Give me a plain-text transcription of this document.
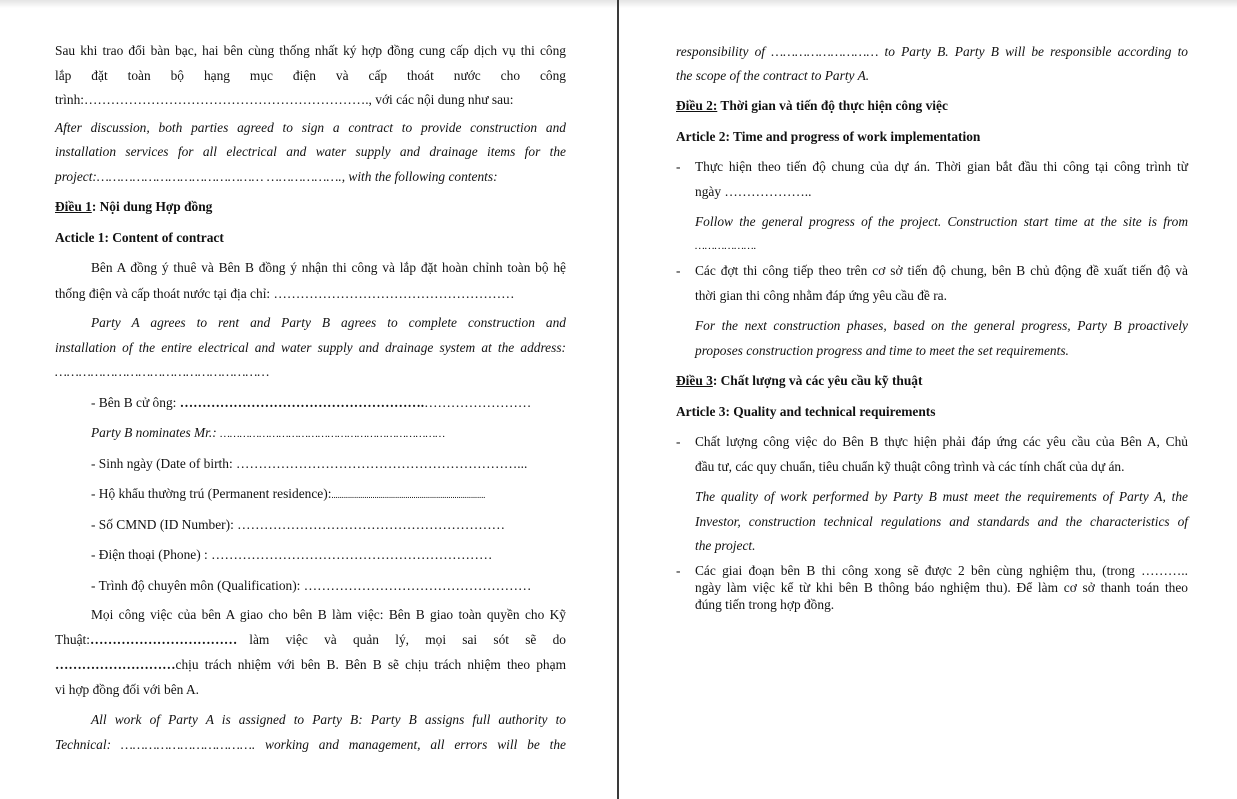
Sau khi trao đổi bàn bạc, hai bên cùng thống nhất ký hợp đồng cung cấp dịch vụ thi công
lắp đặt toàn bộ hạng mục điện và cấp thoát nước cho công
trình:………………………………………………………., với các nội dung như sau:
After discussion, both parties agreed to sign a contract to provide construction and
installation services for all electrical and water supply and drainage items for the
project:…………………………………… ………………., with the following contents:
Điều 1: Nội dung Hợp đồng
Acticle 1: Content of contract
Bên A đồng ý thuê và Bên B đồng ý nhận thi công và lắp đặt hoàn chỉnh toàn bộ hệ
thống điện và cấp thoát nước tại địa chỉ: ………………………………………………
Party A agrees to rent and Party B agrees to complete construction and
installation of the entire electrical and water supply and drainage system at the address:
………………………………………………
- Bên B cử ông: ……………………………………………….……………………
Party B nominates Mr.: ……………………………………………………………
- Sinh ngày (Date of birth: ………………………………………………………...
- Hộ khẩu thường trú (Permanent residence):...........................................................................
- Số CMND (ID Number): ……………………………………………………
- Điện thoại (Phone) : ………………………………………………………
- Trình độ chuyên môn (Qualification): ……………………………………………
Mọi công việc của bên A giao cho bên B làm việc: Bên B giao toàn quyền cho Kỹ
Thuật: …………………………… làm việc và quản lý, mọi sai sót sẽ do
……………………… chịu trách nhiệm với bên B. Bên B sẽ chịu trách nhiệm theo phạm
vi hợp đồng đối với bên A.
All work of Party A is assigned to Party B: Party B assigns full authority to
Technical: ……………………………. working and management, all errors will be the
responsibility of ……………………… to Party B. Party B will be responsible according to
the scope of the contract to Party A.
Điều 2: Thời gian và tiến độ thực hiện công việc
Article 2: Time and progress of work implementation
- Thực hiện theo tiến độ chung của dự án. Thời gian bắt đầu thi công tại công trình từ
ngày ………………..
Follow the general progress of the project. Construction start time at the site is from
……………….
- Các đợt thi công tiếp theo trên cơ sở tiến độ chung, bên B chủ động đề xuất tiến độ và
thời gian thi công nhằm đáp ứng yêu cầu đề ra.
For the next construction phases, based on the general progress, Party B proactively
proposes construction progress and time to meet the set requirements.
Điều 3: Chất lượng và các yêu cầu kỹ thuật
Article 3: Quality and technical requirements
- Chất lượng công việc do Bên B thực hiện phải đáp ứng các yêu cầu của Bên A, Chủ
đầu tư, các quy chuẩn, tiêu chuẩn kỹ thuật công trình và các tính chất của dự án.
The quality of work performed by Party B must meet the requirements of Party A, the
Investor, construction technical regulations and standards and the characteristics of
the project.
- Các giai đoạn bên B thi công xong sẽ được 2 bên cùng nghiệm thu, (trong ………..
ngày làm việc kể từ khi bên B thông báo nghiệm thu). Để làm cơ sở thanh toán theo
đúng tiến trong hợp đồng.
